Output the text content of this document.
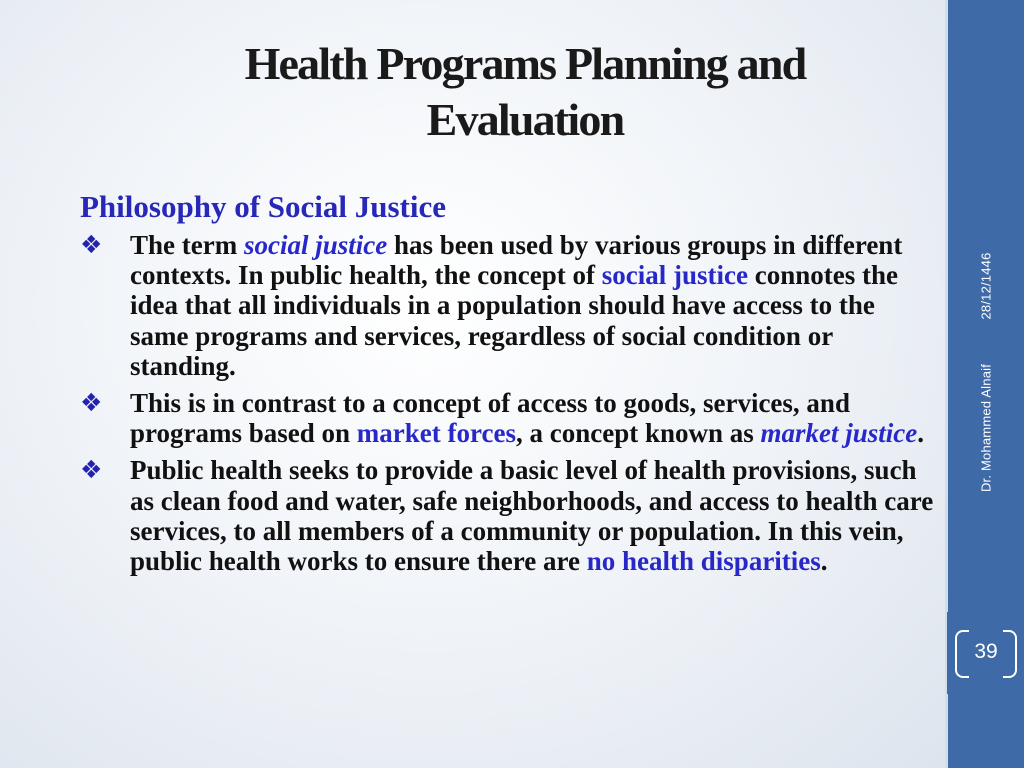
Health Programs Planning and
Evaluation
Philosophy of Social Justice
❖	The term social justice has been used by various groups in different contexts. In public health, the concept of social justice connotes the idea that all individuals in a population should have access to the same programs and services, regardless of social condition or standing.
❖	This is in contrast to a concept of access to goods, services, and programs based on market forces, a concept known as market justice.
❖	Public health seeks to provide a basic level of health provisions, such as clean food and water, safe neighborhoods, and access to health care services, to all members of a community or population. In this vein, public health works to ensure there are no health disparities.
28/12/1446
Dr. Mohammed Alnaif
39
